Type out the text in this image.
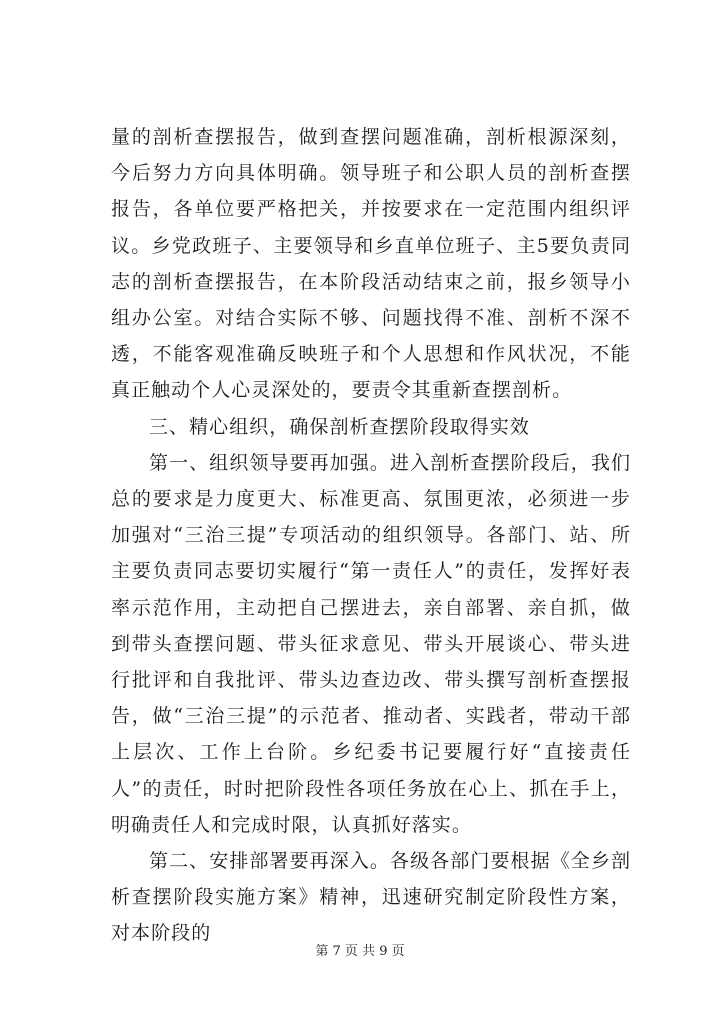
量的剖析查摆报告，做到查摆问题准确，剖析根源深刻，今后努力方向具体明确。领导班子和公职人员的剖析查摆报告，各单位要严格把关，并按要求在一定范围内组织评议。乡党政班子、主要领导和乡直单位班子、主5要负责同志的剖析查摆报告，在本阶段活动结束之前，报乡领导小组办公室。对结合实际不够、问题找得不准、剖析不深不透，不能客观准确反映班子和个人思想和作风状况，不能真正触动个人心灵深处的，要责令其重新查摆剖析。

三、精心组织，确保剖析查摆阶段取得实效

第一、组织领导要再加强。进入剖析查摆阶段后，我们总的要求是力度更大、标准更高、氛围更浓，必须进一步加强对“三治三提”专项活动的组织领导。各部门、站、所主要负责同志要切实履行“第一责任人”的责任，发挥好表率示范作用，主动把自己摆进去，亲自部署、亲自抓，做到带头查摆问题、带头征求意见、带头开展谈心、带头进行批评和自我批评、带头边查边改、带头撰写剖析查摆报告，做“三治三提”的示范者、推动者、实践者，带动干部上层次、工作上台阶。乡纪委书记要履行好“直接责任人”的责任，时时把阶段性各项任务放在心上、抓在手上，明确责任人和完成时限，认真抓好落实。

第二、安排部署要再深入。各级各部门要根据《全乡剖析查摆阶段实施方案》精神，迅速研究制定阶段性方案，对本阶段的

第 7 页 共 9 页
